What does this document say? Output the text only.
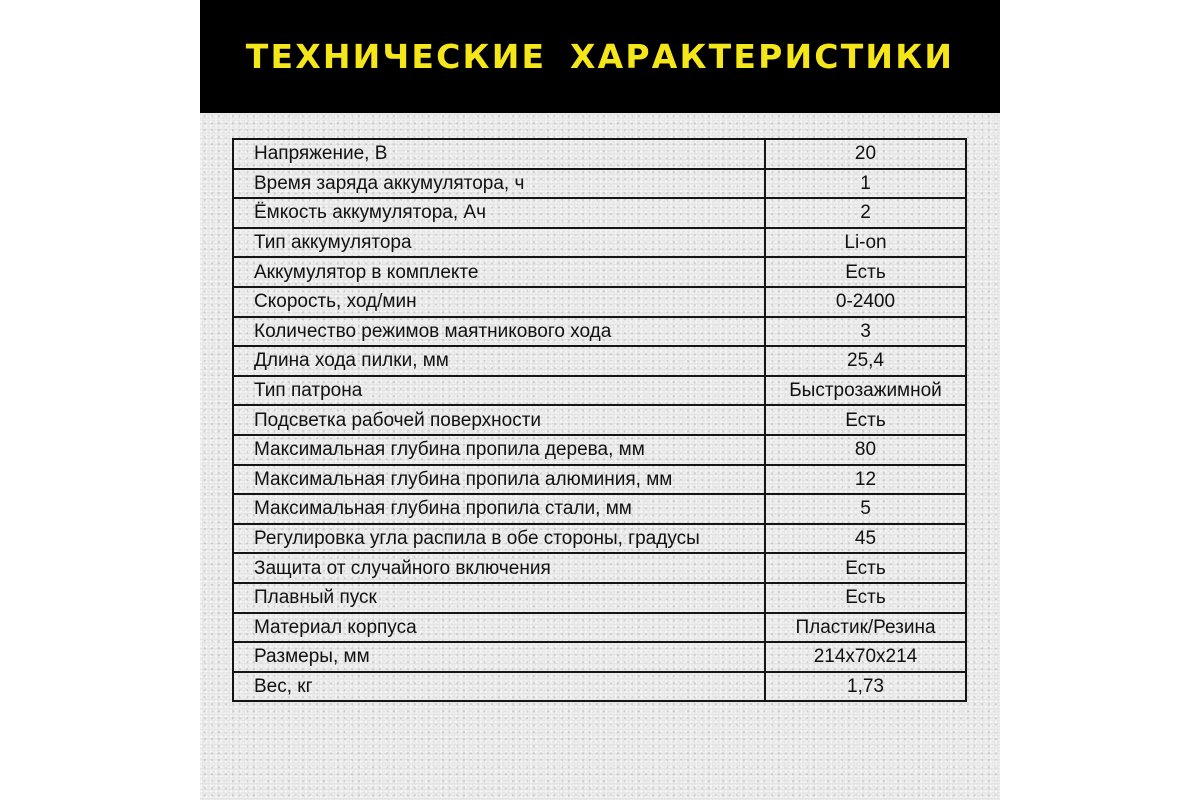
ТЕХНИЧЕСКИЕ ХАРАКТЕРИСТИКИ
Напряжение, В	20
Время заряда аккумулятора, ч	1
Ёмкость аккумулятора, Ач	2
Тип аккумулятора	Li-on
Аккумулятор в комплекте	Есть
Скорость, ход/мин	0-2400
Количество режимов маятникового хода	3
Длина хода пилки, мм	25,4
Тип патрона	Быстрозажимной
Подсветка рабочей поверхности	Есть
Максимальная глубина пропила дерева, мм	80
Максимальная глубина пропила алюминия, мм	12
Максимальная глубина пропила стали, мм	5
Регулировка угла распила в обе стороны, градусы	45
Защита от случайного включения	Есть
Плавный пуск	Есть
Материал корпуса	Пластик/Резина
Размеры, мм	214x70x214
Вес, кг	1,73
